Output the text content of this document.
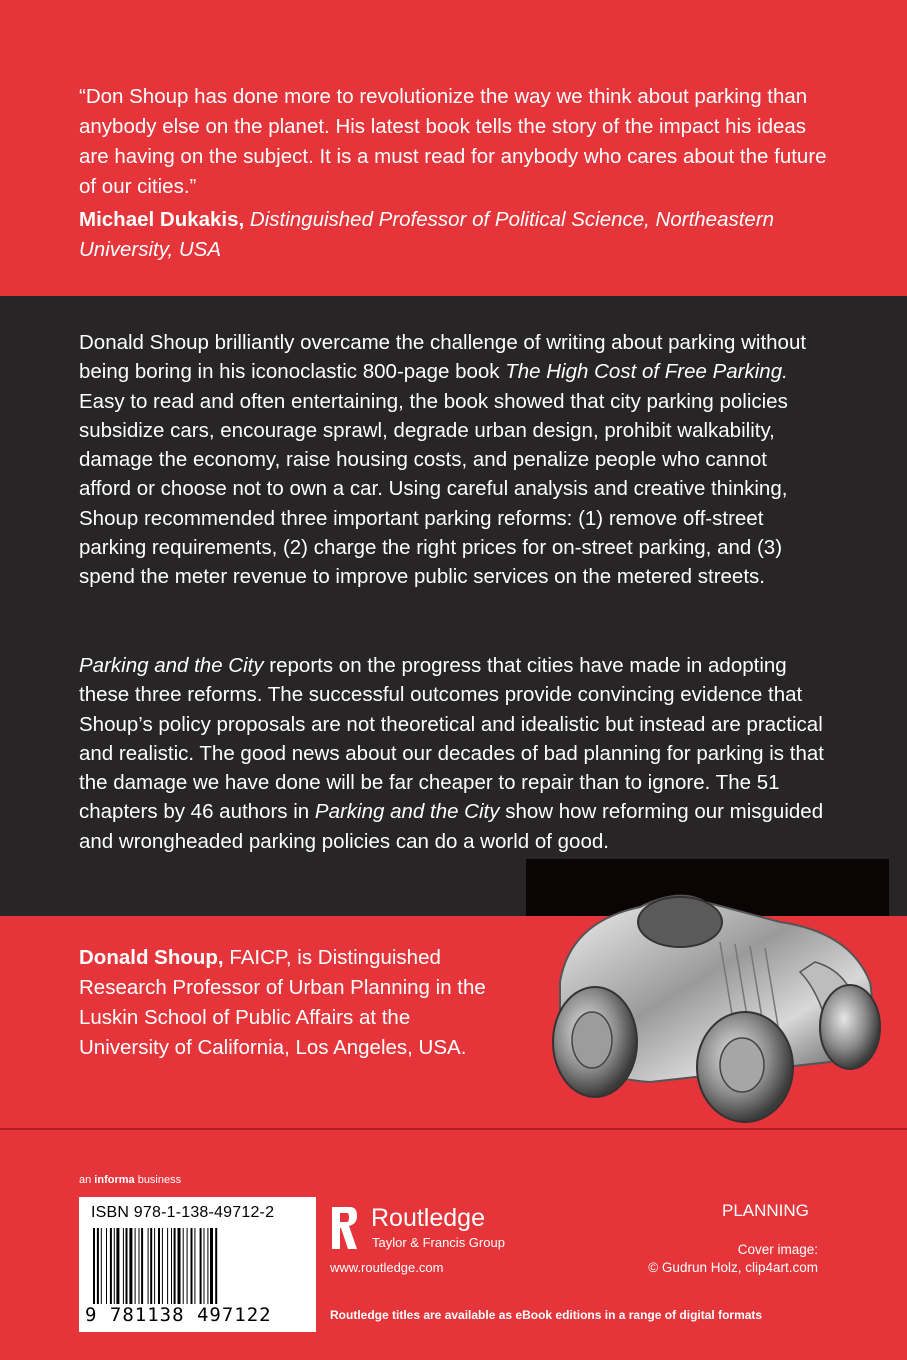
“Don Shoup has done more to revolutionize the way we think about parking than anybody else on the planet. His latest book tells the story of the impact his ideas are having on the subject. It is a must read for anybody who cares about the future of our cities.”

Michael Dukakis, Distinguished Professor of Political Science, Northeastern University, USA

Donald Shoup brilliantly overcame the challenge of writing about parking without being boring in his iconoclastic 800-page book The High Cost of Free Parking. Easy to read and often entertaining, the book showed that city parking policies subsidize cars, encourage sprawl, degrade urban design, prohibit walkability, damage the economy, raise housing costs, and penalize people who cannot afford or choose not to own a car. Using careful analysis and creative thinking, Shoup recommended three important parking reforms: (1) remove off-street parking requirements, (2) charge the right prices for on-street parking, and (3) spend the meter revenue to improve public services on the metered streets.

Parking and the City reports on the progress that cities have made in adopting these three reforms. The successful outcomes provide convincing evidence that Shoup’s policy proposals are not theoretical and idealistic but instead are practical and realistic. The good news about our decades of bad planning for parking is that the damage we have done will be far cheaper to repair than to ignore. The 51 chapters by 46 authors in Parking and the City show how reforming our misguided and wrongheaded parking policies can do a world of good.

Donald Shoup, FAICP, is Distinguished Research Professor of Urban Planning in the Luskin School of Public Affairs at the University of California, Los Angeles, USA.

an informa business
ISBN 978-1-138-49712-2
9 781138 497122
Routledge
Taylor & Francis Group
www.routledge.com
PLANNING
Cover image:
© Gudrun Holz, clip4art.com
Routledge titles are available as eBook editions in a range of digital formats
